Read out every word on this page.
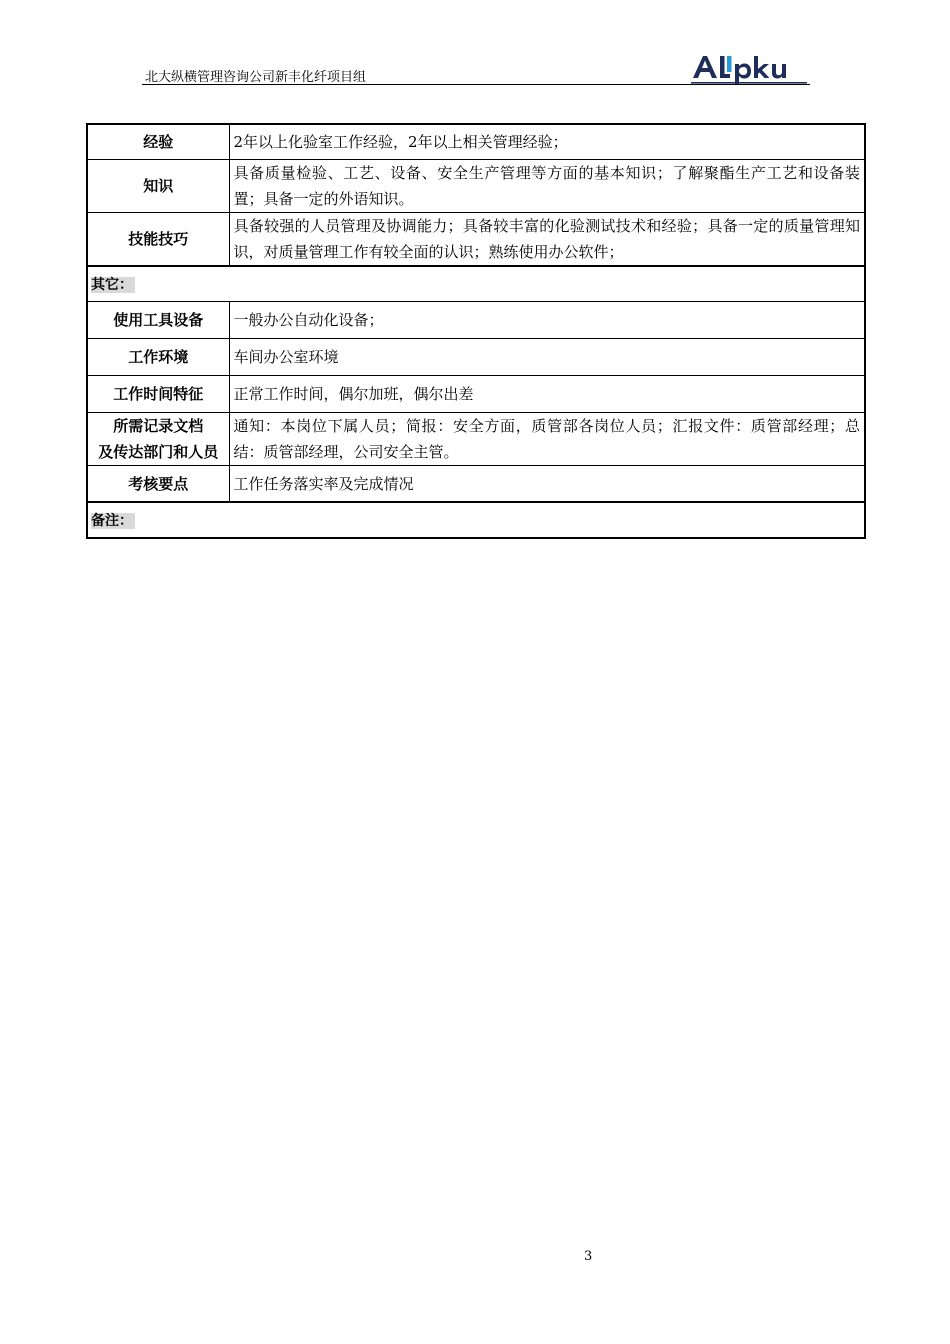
北大纵横管理咨询公司新丰化纤项目组
经验	2年以上化验室工作经验，2年以上相关管理经验；
知识	具备质量检验、工艺、设备、安全生产管理等方面的基本知识；了解聚酯生产工艺和设备装置；具备一定的外语知识。
技能技巧	具备较强的人员管理及协调能力；具备较丰富的化验测试技术和经验；具备一定的质量管理知识，对质量管理工作有较全面的认识；熟练使用办公软件；
其它：	
使用工具设备	一般办公自动化设备；
工作环境	车间办公室环境
工作时间特征	正常工作时间，偶尔加班，偶尔出差

所需记录文档
及传达部门和人员	通知：本岗位下属人员；简报：安全方面，质管部各岗位人员；汇报文件：质管部经理；总结：质管部经理，公司安全主管。
考核要点	工作任务落实率及完成情况
备注：	
3
